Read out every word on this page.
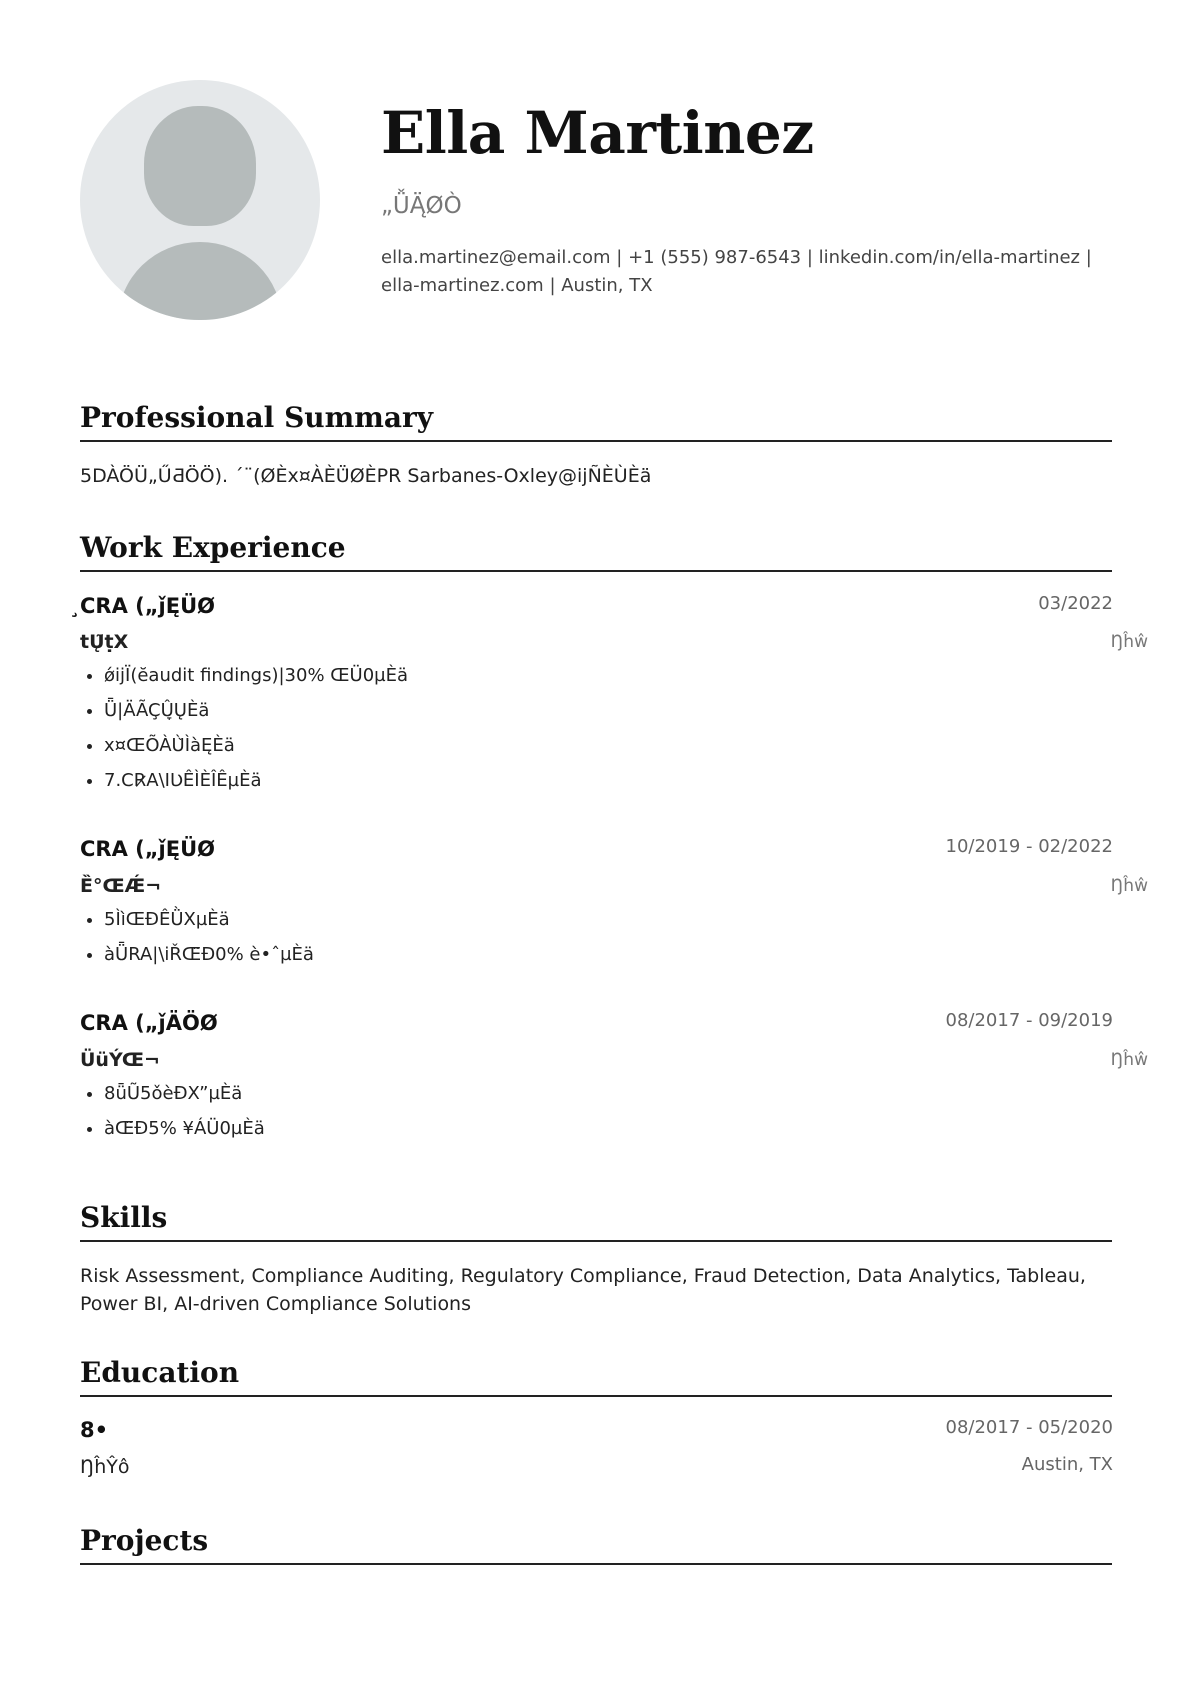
Ella Martinez
„ǙĄ̈ØÒ
ella.martinez@email.com | +1 (555) 987-6543 | linkedin.com/in/ella-martinez |
ella-martinez.com | Austin, TX
Professional Summary
5DÀÖÜ„ŰƋÖÖ). ´¨(ØÈx¤ÀÈÜ̈ØÈPR Sarbanes-Oxley@ĳÑÈÙÈä
Work Experience
̧CRA („ǰĘÜØ	03/2022
tŲ̃ṭX	Ŋĥŵ
• ǿĳÏ(ĕaudit findings)|30% ŒÜ0µÈä
• Ǖ|ÄÃÇÛ̞ŲÈä
• x¤ŒÕÀÙ̀ÌàĘÈä
• 7.CR̷A\IƲÊÌÈÎÊµÈä
CRA („ǰĘÜØ	10/2019 - 02/2022
Ȅ°ŒǼ¬	Ŋĥŵ
• 5ÌìŒĐÊǛXµÈä
• àǕRA|\iŘŒ̃Đ0% è•ˆµÈä
CRA („ǰÄÖØ	08/2017 - 09/2019
ÜüÝŒ¬	Ŋĥŵ
• 8ǖŨ5ǒèĐX”µÈä
• àŒ̃Ð5% ¥ÁÜ0µÈä
Skills
Risk Assessment, Compliance Auditing, Regulatory Compliance, Fraud Detection, Data Analytics, Tableau, Power BI, AI-driven Compliance Solutions
Education
8•	08/2017 - 05/2020
ŊĥŶô	Austin, TX
Projects
